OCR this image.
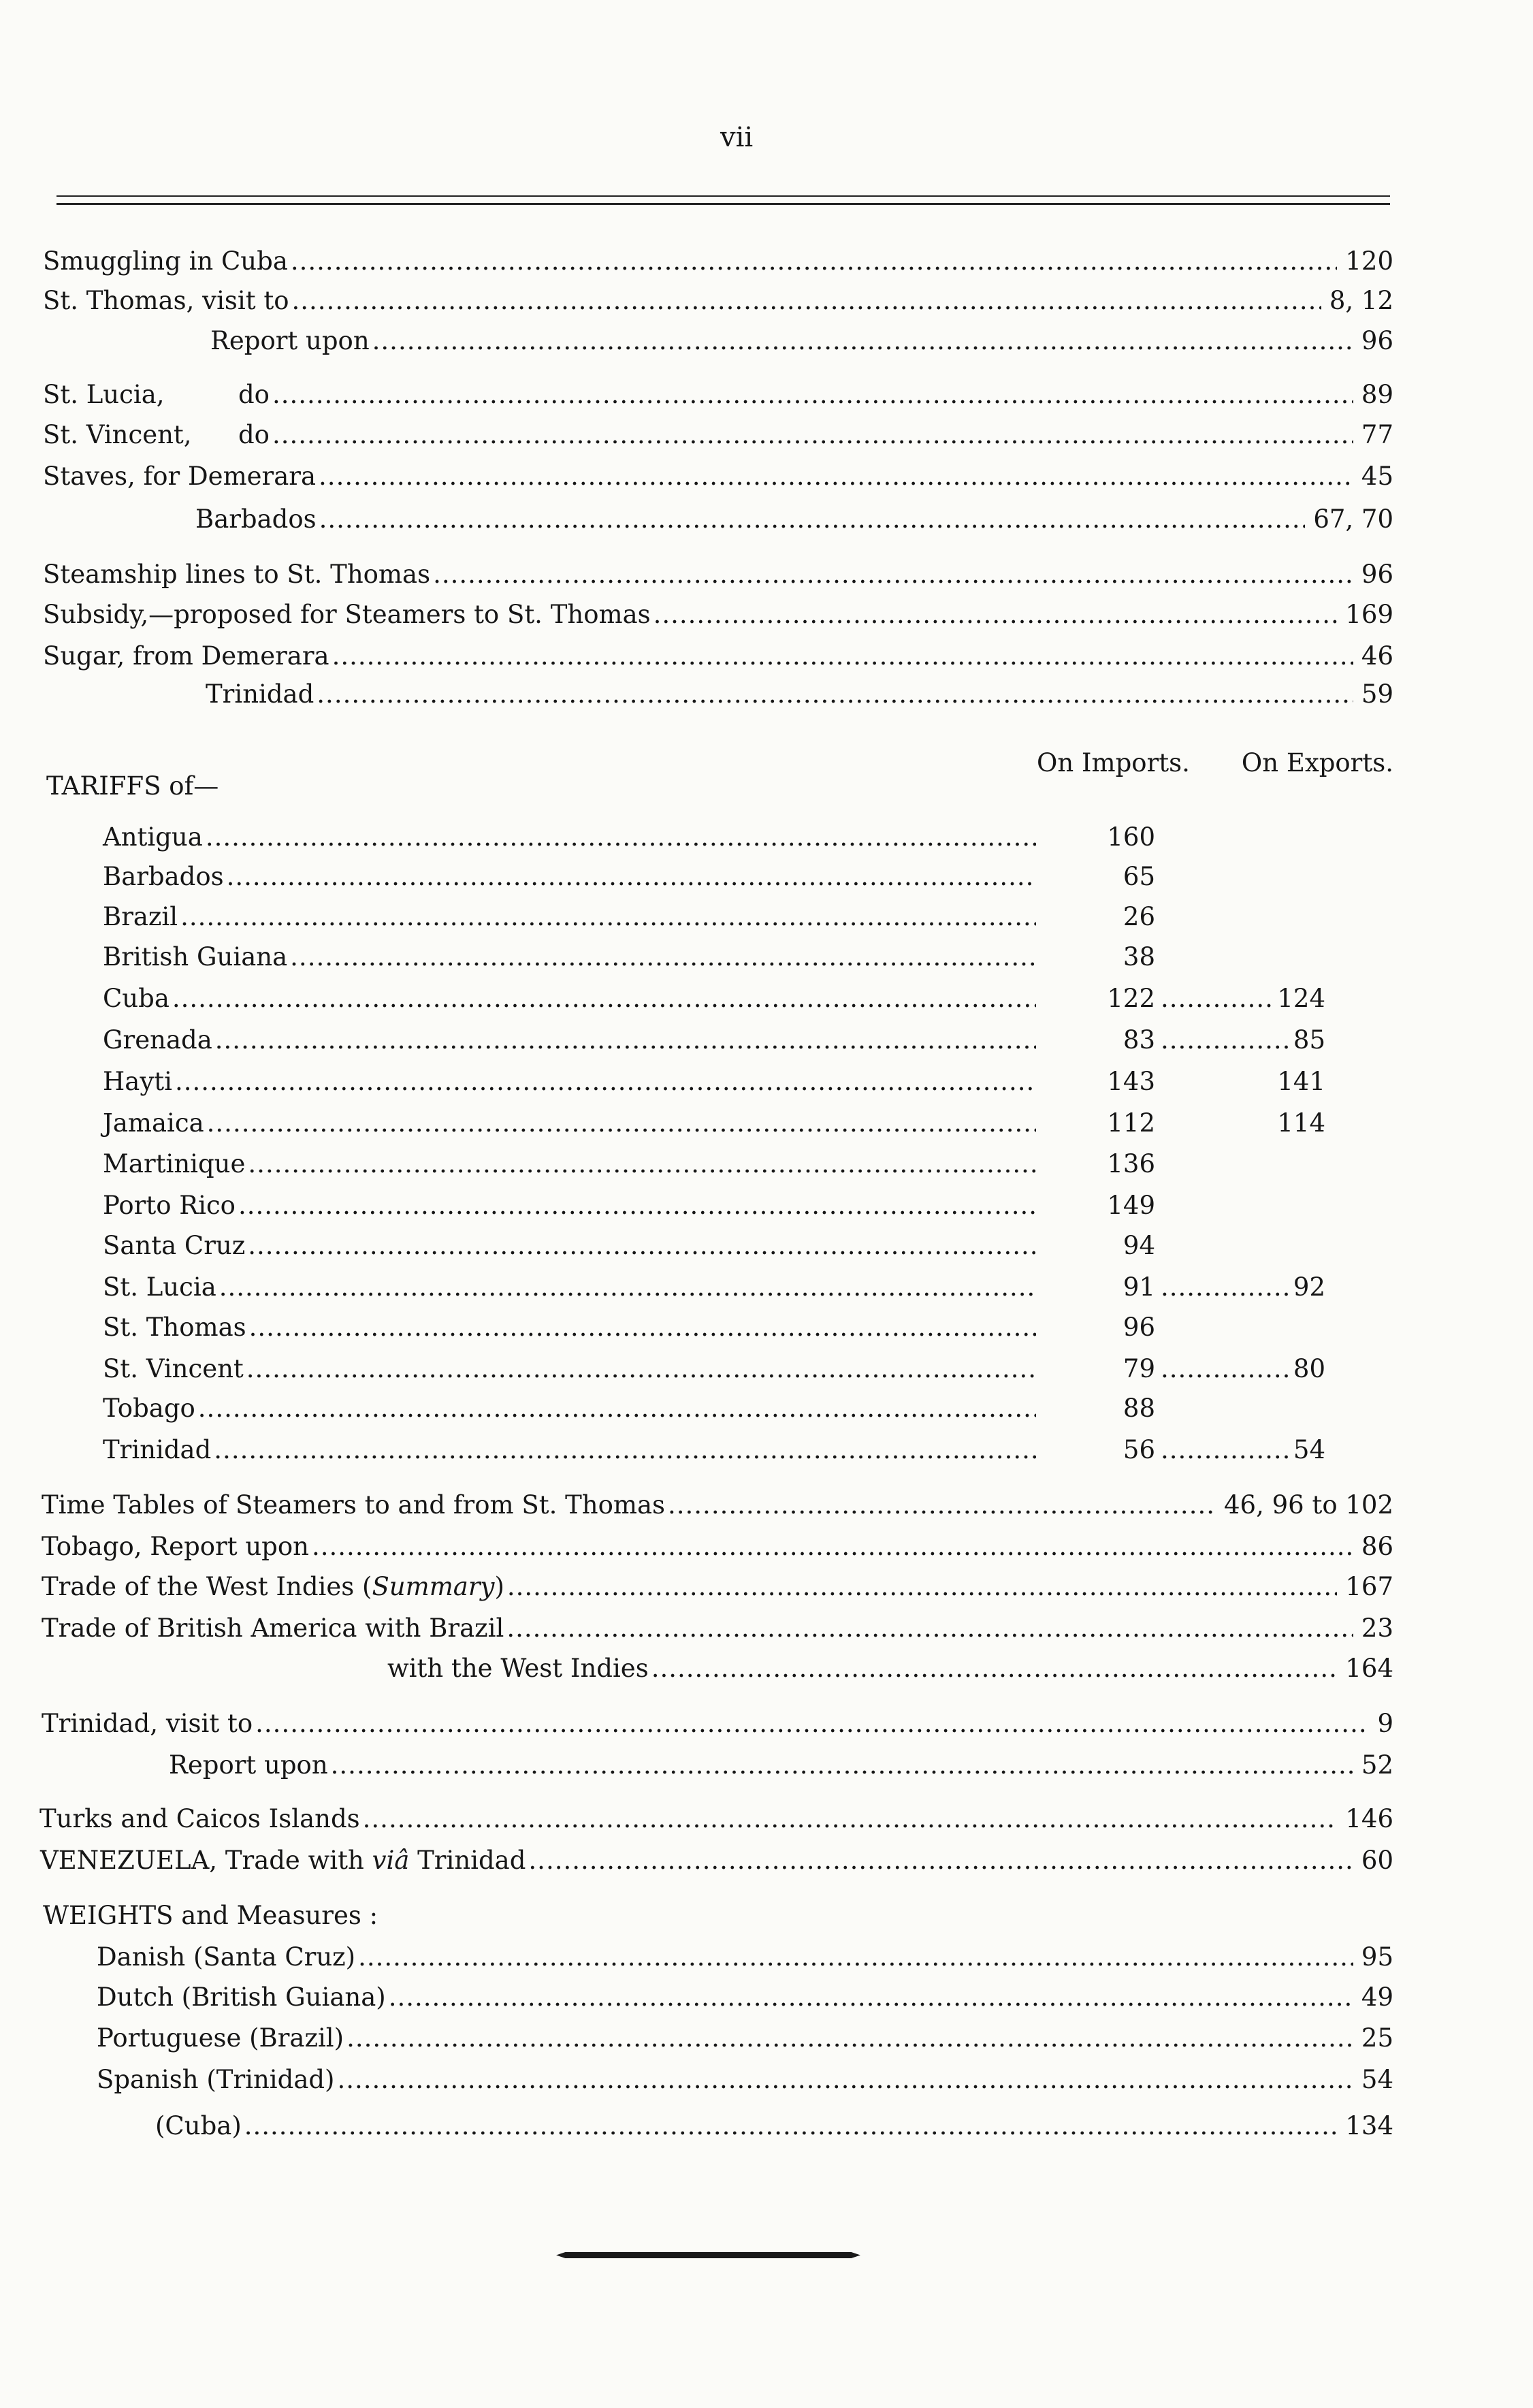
vii
Smuggling in Cuba .....	120
St. Thomas, visit to .....	8, 12
Report upon .....	96
St. Lucia,	do .....	89
St. Vincent, do .....	77
Staves, for Demerara .....	45
Barbados .....	67, 70
Steamship lines to St. Thomas .....	96
Subsidy,—proposed for Steamers to St. Thomas .....	169
Sugar, from Demerara .....	46
Trinidad .....	59
On Imports. On Exports.
TARIFFS of—
Antigua .....	160
Barbados .....	65
Brazil .....	26
British Guiana .....	38
Cuba .....	122 .....	124
Grenada .....	83 .....	85
Hayti .....	143	141
Jamaica .....	112	114
Martinique .....	136
Porto Rico .....	149
Santa Cruz .....	94
St. Lucia .....	91 .....	92
St. Thomas .....	96
St. Vincent .....	79 .....	80
Tobago .....	88
Trinidad .....	56 .....	54
Time Tables of Steamers to and from St. Thomas .....	46, 96 to 102
Tobago, Report upon .....	86
Trade of the West Indies (Summary) .....	167
Trade of British America with Brazil .....	23
with the West Indies .....	164
Trinidad, visit to .....	9
Report upon .....	52
Turks and Caicos Islands .....	146
VENEZUELA, Trade with viâ Trinidad .....	60
WEIGHTS and Measures :
Danish (Santa Cruz) .....	95
Dutch (British Guiana) .....	49
Portuguese (Brazil) .....	25
Spanish (Trinidad) .....	54
(Cuba) .....	134
